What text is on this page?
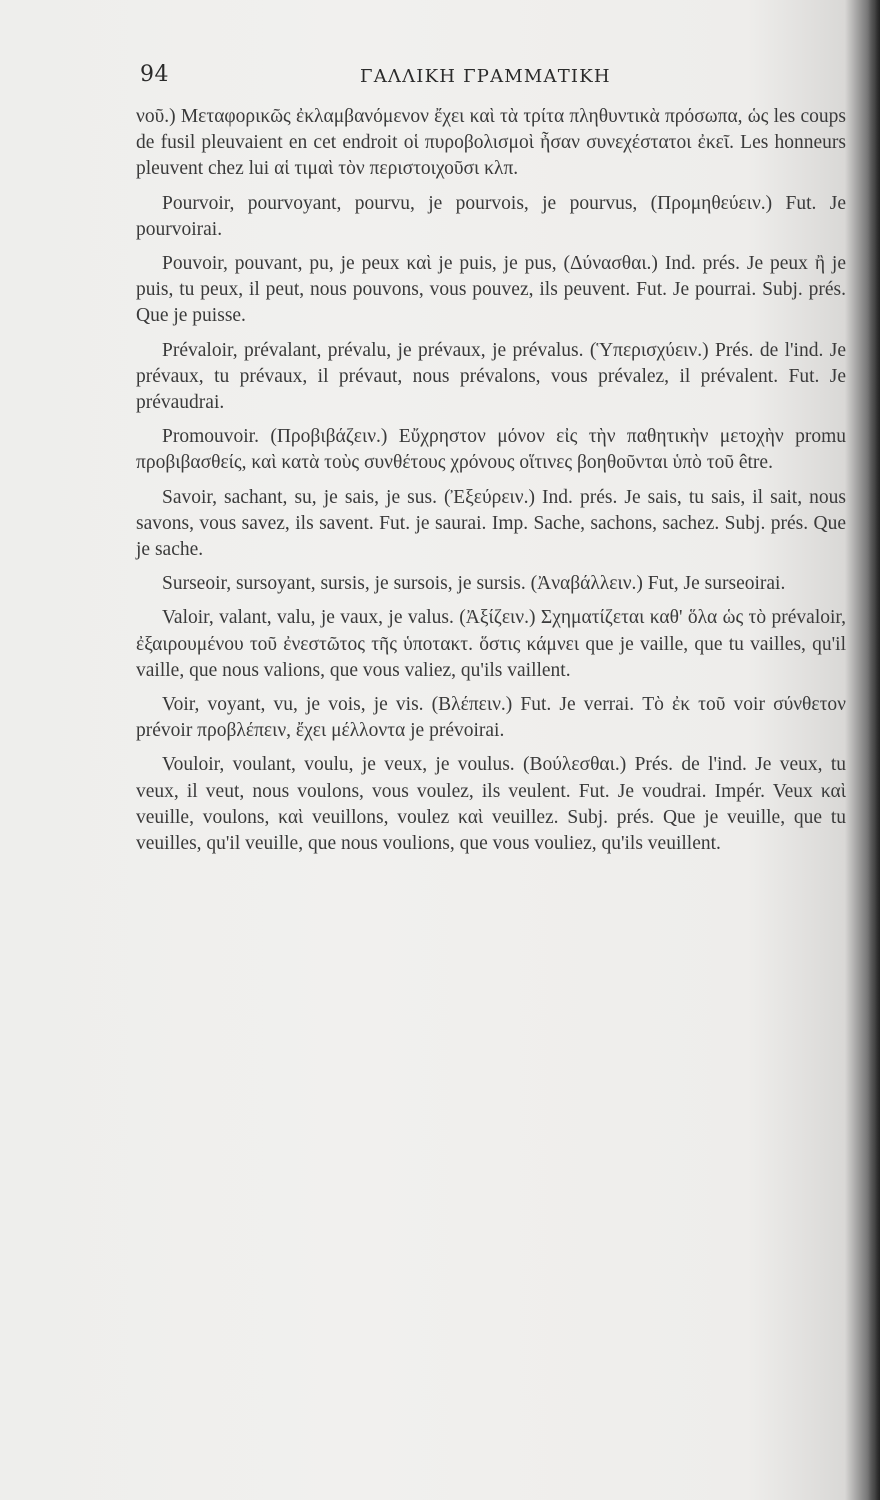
94	ΓΑΛΛΙΚΗ ΓΡΑΜΜΑΤΙΚΗ

νοῦ.) Μεταφορικῶς ἐκλαμβανόμενον ἔχει καὶ τὰ τρίτα πληθυντικὰ πρόσωπα, ὡς les coups de fusil pleuvaient en cet endroit οἱ πυροβολισμοὶ ἦσαν συνεχέστατοι ἐκεῖ. Les honneurs pleuvent chez lui αἱ τιμαὶ τὸν περιστοιχοῦσι κλπ.

Pourvoir, pourvoyant, pourvu, je pourvois, je pourvus, (Προμηθεύειν.) Fut. Je pourvoirai.

Pouvoir, pouvant, pu, je peux καὶ je puis, je pus, (Δύνασθαι.) Ind. prés. Je peux ἢ je puis, tu peux, il peut, nous pouvons, vous pouvez, ils peuvent. Fut. Je pourrai. Subj. prés. Que je puisse.

Prévaloir, prévalant, prévalu, je prévaux, je prévalus. (Ὑπερισχύειν.) Prés. de l'ind. Je prévaux, tu prévaux, il prévaut, nous prévalons, vous prévalez, il prévalent. Fut. Je prévaudrai.

Promouvoir. (Προβιβάζειν.) Εὔχρηστον μόνον εἰς τὴν παθητικὴν μετοχὴν promu προβιβασθείς, καὶ κατὰ τοὺς συνθέτους χρόνους οἵτινες βοηθοῦνται ὑπὸ τοῦ être.

Savoir, sachant, su, je sais, je sus. (Ἐξεύρειν.) Ind. prés. Je sais, tu sais, il sait, nous savons, vous savez, ils savent. Fut. je saurai. Imp. Sache, sachons, sachez. Subj. prés. Que je sache.

Surseoir, sursoyant, sursis, je sursois, je sursis. (Ἀναβάλλειν.) Fut, Je surseoirai.

Valoir, valant, valu, je vaux, je valus. (Ἀξίζειν.) Σχηματίζεται καθ' ὅλα ὡς τὸ prévaloir, ἐξαιρουμένου τοῦ ἐνεστῶτος τῆς ὑποτακτ. ὅστις κάμνει que je vaille, que tu vailles, qu'il vaille, que nous valions, que vous valiez, qu'ils vaillent.

Voir, voyant, vu, je vois, je vis. (Βλέπειν.) Fut. Je verrai. Τὸ ἐκ τοῦ voir σύνθετον prévoir προβλέπειν, ἔχει μέλλοντα je prévoirai.

Vouloir, voulant, voulu, je veux, je voulus. (Βούλεσθαι.) Prés. de l'ind. Je veux, tu veux, il veut, nous voulons, vous voulez, ils veulent. Fut. Je voudrai. Impér. Veux καὶ veuille, voulons, καὶ veuillons, voulez καὶ veuillez. Subj. prés. Que je veuille, que tu veuilles, qu'il veuille, que nous voulions, que vous vouliez, qu'ils veuillent.
